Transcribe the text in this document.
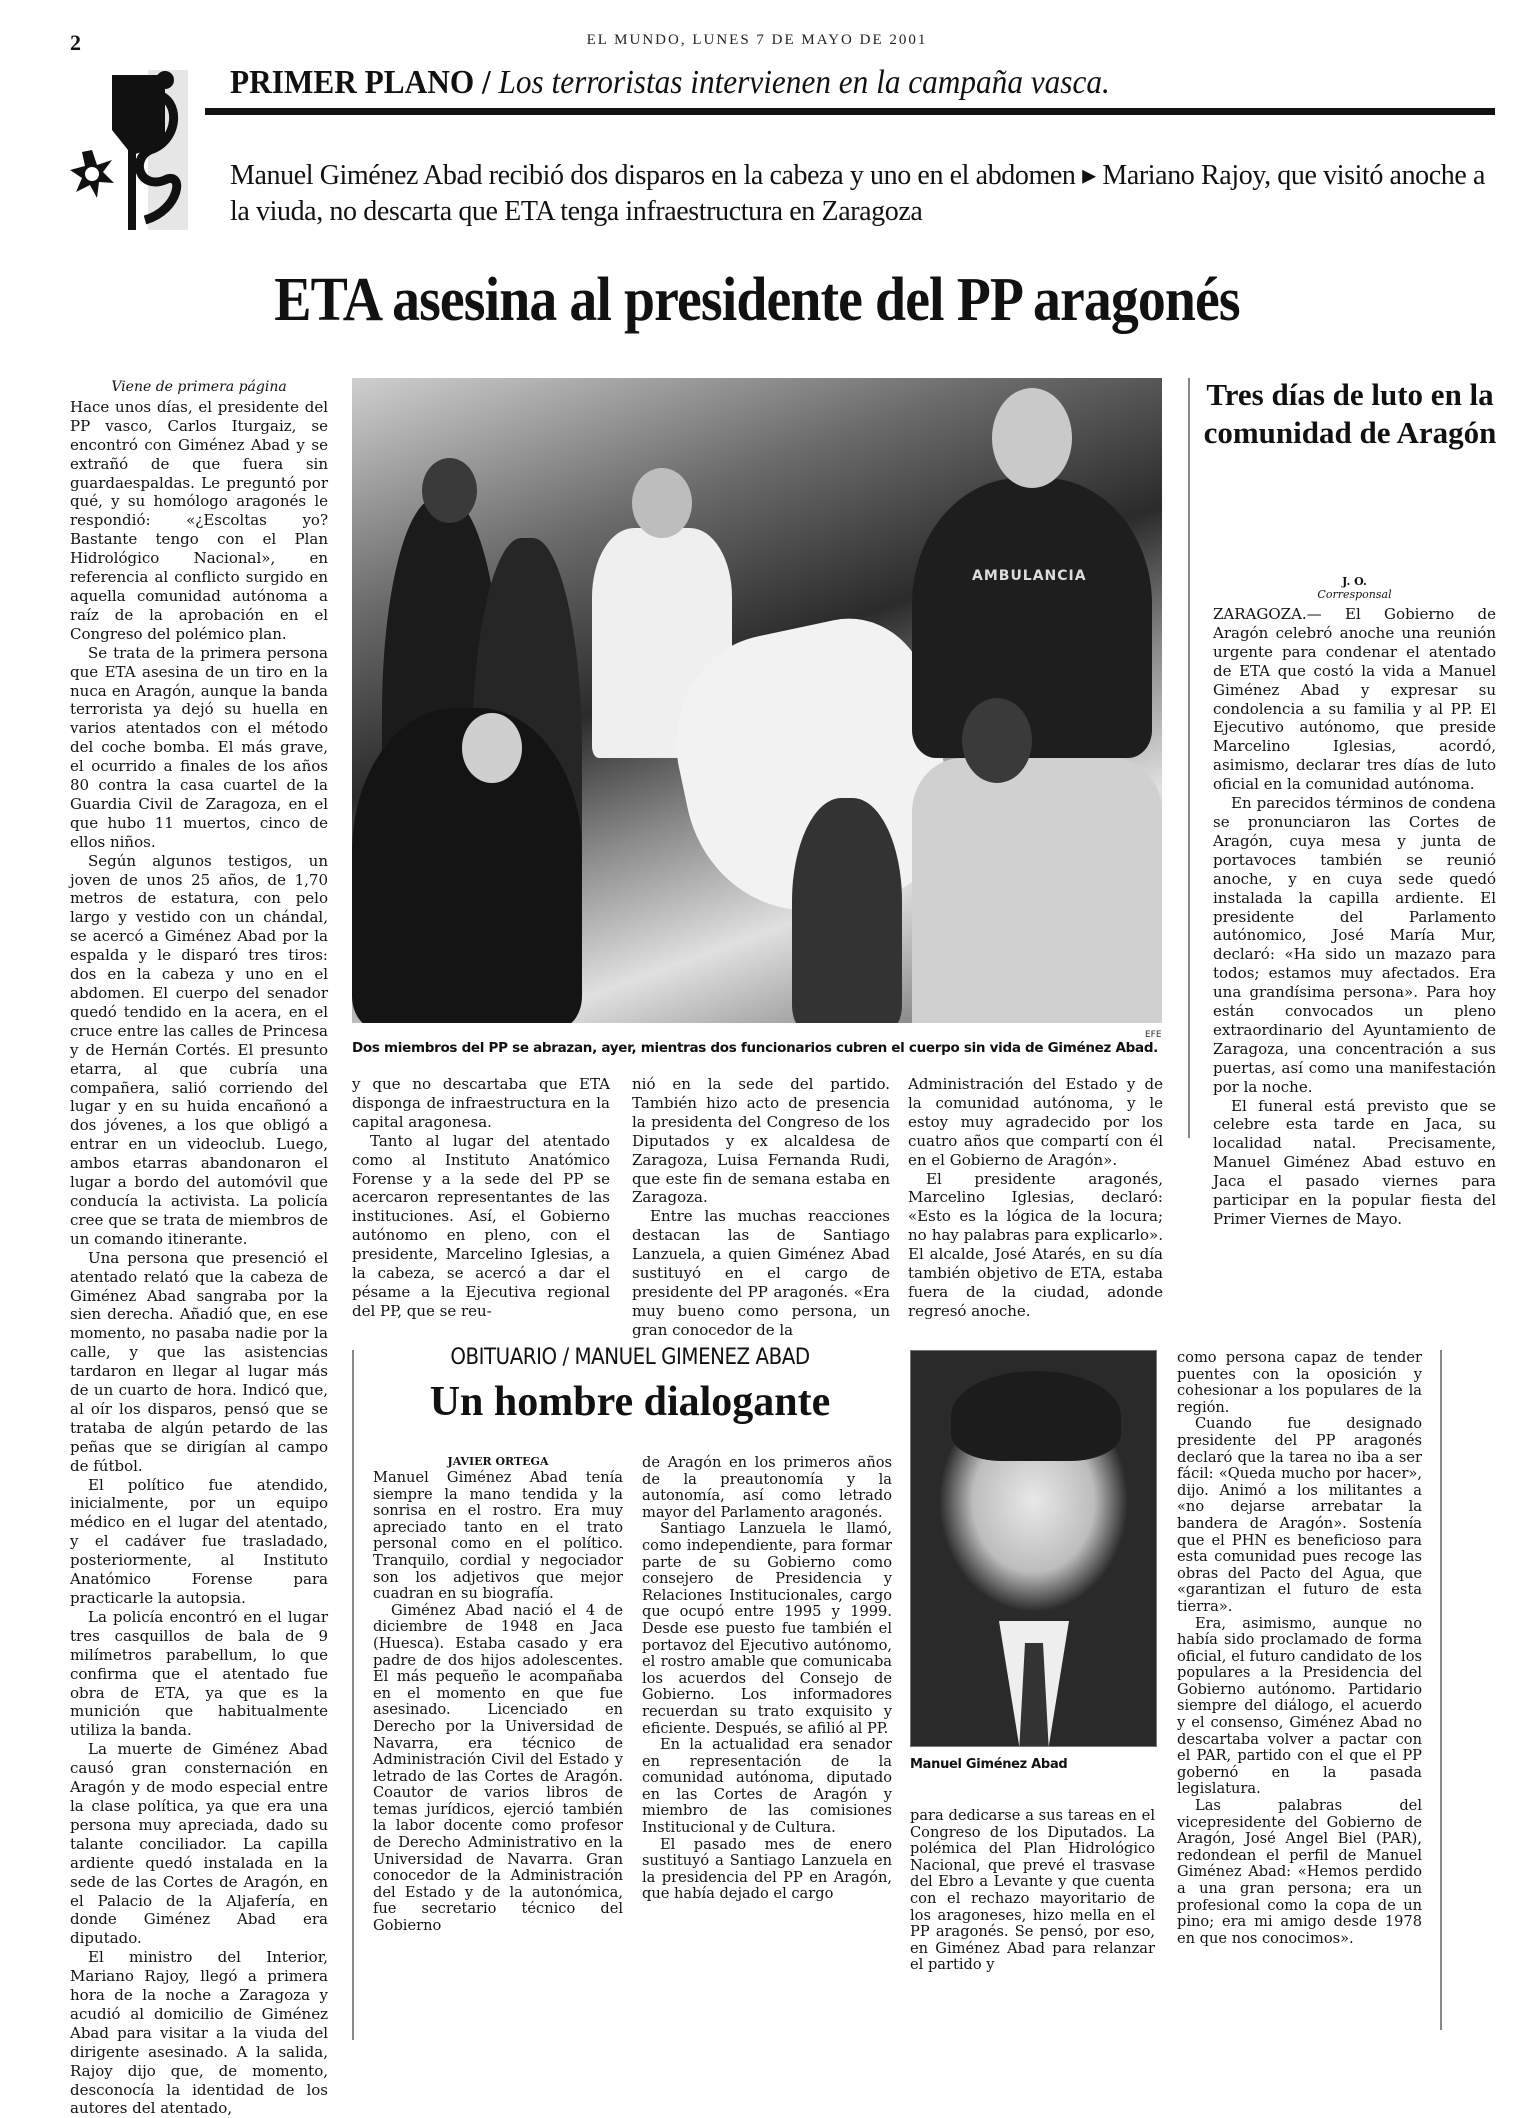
2	EL MUNDO, LUNES 7 DE MAYO DE 2001
PRIMER PLANO / Los terroristas intervienen en la campaña vasca.
Manuel Giménez Abad recibió dos disparos en la cabeza y uno en el abdomen ▸ Mariano Rajoy, que visitó anoche a la viuda, no descarta que ETA tenga infraestructura en Zaragoza
ETA asesina al presidente del PP aragonés
Viene de primera página

Hace unos días, el presidente del PP vasco, Carlos Iturgaiz, se encontró con Giménez Abad y se extrañó de que fuera sin guardaespaldas. Le preguntó por qué, y su homólogo aragonés le respondió: «¿Escoltas yo? Bastante tengo con el Plan Hidrológico Nacional», en referencia al conflicto surgido en aquella comunidad autónoma a raíz de la aprobación en el Congreso del polémico plan.

Se trata de la primera persona que ETA asesina de un tiro en la nuca en Aragón, aunque la banda terrorista ya dejó su huella en varios atentados con el método del coche bomba. El más grave, el ocurrido a finales de los años 80 contra la casa cuartel de la Guardia Civil de Zaragoza, en el que hubo 11 muertos, cinco de ellos niños.

Según algunos testigos, un joven de unos 25 años, de 1,70 metros de estatura, con pelo largo y vestido con un chándal, se acercó a Giménez Abad por la espalda y le disparó tres tiros: dos en la cabeza y uno en el abdomen. El cuerpo del senador quedó tendido en la acera, en el cruce entre las calles de Princesa y de Hernán Cortés. El presunto etarra, al que cubría una compañera, salió corriendo del lugar y en su huida encañonó a dos jóvenes, a los que obligó a entrar en un videoclub. Luego, ambos etarras abandonaron el lugar a bordo del automóvil que conducía la activista. La policía cree que se trata de miembros de un comando itinerante.

Una persona que presenció el atentado relató que la cabeza de Giménez Abad sangraba por la sien derecha. Añadió que, en ese momento, no pasaba nadie por la calle, y que las asistencias tardaron en llegar al lugar más de un cuarto de hora. Indicó que, al oír los disparos, pensó que se trataba de algún petardo de las peñas que se dirigían al campo de fútbol.

El político fue atendido, inicialmente, por un equipo médico en el lugar del atentado, y el cadáver fue trasladado, posteriormente, al Instituto Anatómico Forense para practicarle la autopsia.

La policía encontró en el lugar tres casquillos de bala de 9 milímetros parabellum, lo que confirma que el atentado fue obra de ETA, ya que es la munición que habitualmente utiliza la banda.

La muerte de Giménez Abad causó gran consternación en Aragón y de modo especial entre la clase política, ya que era una persona muy apreciada, dado su talante conciliador. La capilla ardiente quedó instalada en la sede de las Cortes de Aragón, en el Palacio de la Aljafería, en donde Giménez Abad era diputado.

El ministro del Interior, Mariano Rajoy, llegó a primera hora de la noche a Zaragoza y acudió al domicilio de Giménez Abad para visitar a la viuda del dirigente asesinado. A la salida, Rajoy dijo que, de momento, desconocía la identidad de los autores del atentado,

AMBULANCIA
EFE
Dos miembros del PP se abrazan, ayer, mientras dos funcionarios cubren el cuerpo sin vida de Giménez Abad.

y que no descartaba que ETA disponga de infraestructura en la capital aragonesa.

Tanto al lugar del atentado como al Instituto Anatómico Forense y a la sede del PP se acercaron representantes de las instituciones. Así, el Gobierno autónomo en pleno, con el presidente, Marcelino Iglesias, a la cabeza, se acercó a dar el pésame a la Ejecutiva regional del PP, que se reu-

nió en la sede del partido. También hizo acto de presencia la presidenta del Congreso de los Diputados y ex alcaldesa de Zaragoza, Luisa Fernanda Rudi, que este fin de semana estaba en Zaragoza.

Entre las muchas reacciones destacan las de Santiago Lanzuela, a quien Giménez Abad sustituyó en el cargo de presidente del PP aragonés. «Era muy bueno como persona, un gran conocedor de la

Administración del Estado y de la comunidad autónoma, y le estoy muy agradecido por los cuatro años que compartí con él en el Gobierno de Aragón».

El presidente aragonés, Marcelino Iglesias, declaró: «Esto es la lógica de la locura; no hay palabras para explicarlo». El alcalde, José Atarés, en su día también objetivo de ETA, estaba fuera de la ciudad, adonde regresó anoche.

Tres días de luto en la comunidad de Aragón
J. O.
Corresponsal

ZARAGOZA.— El Gobierno de Aragón celebró anoche una reunión urgente para condenar el atentado de ETA que costó la vida a Manuel Giménez Abad y expresar su condolencia a su familia y al PP. El Ejecutivo autónomo, que preside Marcelino Iglesias, acordó, asimismo, declarar tres días de luto oficial en la comunidad autónoma.

En parecidos términos de condena se pronunciaron las Cortes de Aragón, cuya mesa y junta de portavoces también se reunió anoche, y en cuya sede quedó instalada la capilla ardiente. El presidente del Parlamento autónomico, José María Mur, declaró: «Ha sido un mazazo para todos; estamos muy afectados. Era una grandísima persona». Para hoy están convocados un pleno extraordinario del Ayuntamiento de Zaragoza, una concentración a sus puertas, así como una manifestación por la noche.

El funeral está previsto que se celebre esta tarde en Jaca, su localidad natal. Precisamente, Manuel Giménez Abad estuvo en Jaca el pasado viernes para participar en la popular fiesta del Primer Viernes de Mayo.

OBITUARIO / MANUEL GIMENEZ ABAD
Un hombre dialogante
JAVIER ORTEGA

Manuel Giménez Abad tenía siempre la mano tendida y la sonrisa en el rostro. Era muy apreciado tanto en el trato personal como en el político. Tranquilo, cordial y negociador son los adjetivos que mejor cuadran en su biografía.

Giménez Abad nació el 4 de diciembre de 1948 en Jaca (Huesca). Estaba casado y era padre de dos hijos adolescentes. El más pequeño le acompañaba en el momento en que fue asesinado. Licenciado en Derecho por la Universidad de Navarra, era técnico de Administración Civil del Estado y letrado de las Cortes de Aragón. Coautor de varios libros de temas jurídicos, ejerció también la labor docente como profesor de Derecho Administrativo en la Universidad de Navarra. Gran conocedor de la Administración del Estado y de la autonómica, fue secretario técnico del Gobierno

de Aragón en los primeros años de la preautonomía y la autonomía, así como letrado mayor del Parlamento aragonés.

Santiago Lanzuela le llamó, como independiente, para formar parte de su Gobierno como consejero de Presidencia y Relaciones Institucionales, cargo que ocupó entre 1995 y 1999. Desde ese puesto fue también el portavoz del Ejecutivo autónomo, el rostro amable que comunicaba los acuerdos del Consejo de Gobierno. Los informadores recuerdan su trato exquisito y eficiente. Después, se afilió al PP.

En la actualidad era senador en representación de la comunidad autónoma, diputado en las Cortes de Aragón y miembro de las comisiones Institucional y de Cultura.

El pasado mes de enero sustituyó a Santiago Lanzuela en la presidencia del PP en Aragón, que había dejado el cargo

Manuel Giménez Abad

para dedicarse a sus tareas en el Congreso de los Diputados. La polémica del Plan Hidrológico Nacional, que prevé el trasvase del Ebro a Levante y que cuenta con el rechazo mayoritario de los aragoneses, hizo mella en el PP aragonés. Se pensó, por eso, en Giménez Abad para relanzar el partido y

como persona capaz de tender puentes con la oposición y cohesionar a los populares de la región.

Cuando fue designado presidente del PP aragonés declaró que la tarea no iba a ser fácil: «Queda mucho por hacer», dijo. Animó a los militantes a «no dejarse arrebatar la bandera de Aragón». Sostenía que el PHN es beneficioso para esta comunidad pues recoge las obras del Pacto del Agua, que «garantizan el futuro de esta tierra».

Era, asimismo, aunque no había sido proclamado de forma oficial, el futuro candidato de los populares a la Presidencia del Gobierno autónomo. Partidario siempre del diálogo, el acuerdo y el consenso, Giménez Abad no descartaba volver a pactar con el PAR, partido con el que el PP gobernó en la pasada legislatura.

Las palabras del vicepresidente del Gobierno de Aragón, José Angel Biel (PAR), redondean el perfil de Manuel Giménez Abad: «Hemos perdido a una gran persona; era un profesional como la copa de un pino; era mi amigo desde 1978 en que nos conocimos».
